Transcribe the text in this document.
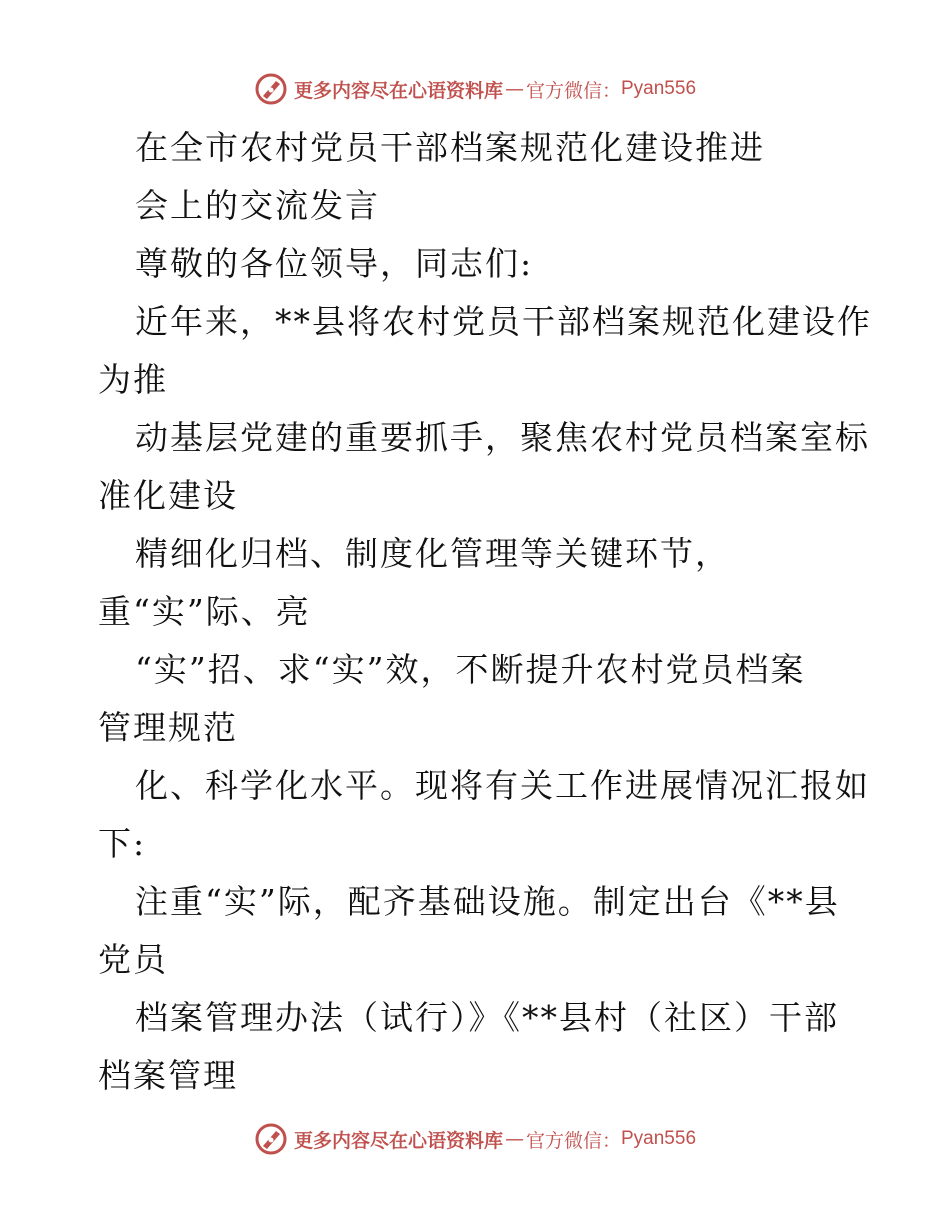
更多内容尽在心语资料库 — 官方微信： Pyan556
在全市农村党员干部档案规范化建设推进
会上的交流发言
尊敬的各位领导，同志们:
近年来，**县将农村党员干部档案规范化建设作
为推
动基层党建的重要抓手，聚焦农村党员档案室标
准化建设
精细化归档、制度化管理等关键环节，
重“实”际、亮
“实”招、求“实”效，不断提升农村党员档案
管理规范
化、科学化水平。现将有关工作进展情况汇报如
下:
注重“实”际，配齐基础设施。制定出台《**县
党员
档案管理办法（试行）》《**县村（社区）干部
档案管理
更多内容尽在心语资料库 — 官方微信： Pyan556
